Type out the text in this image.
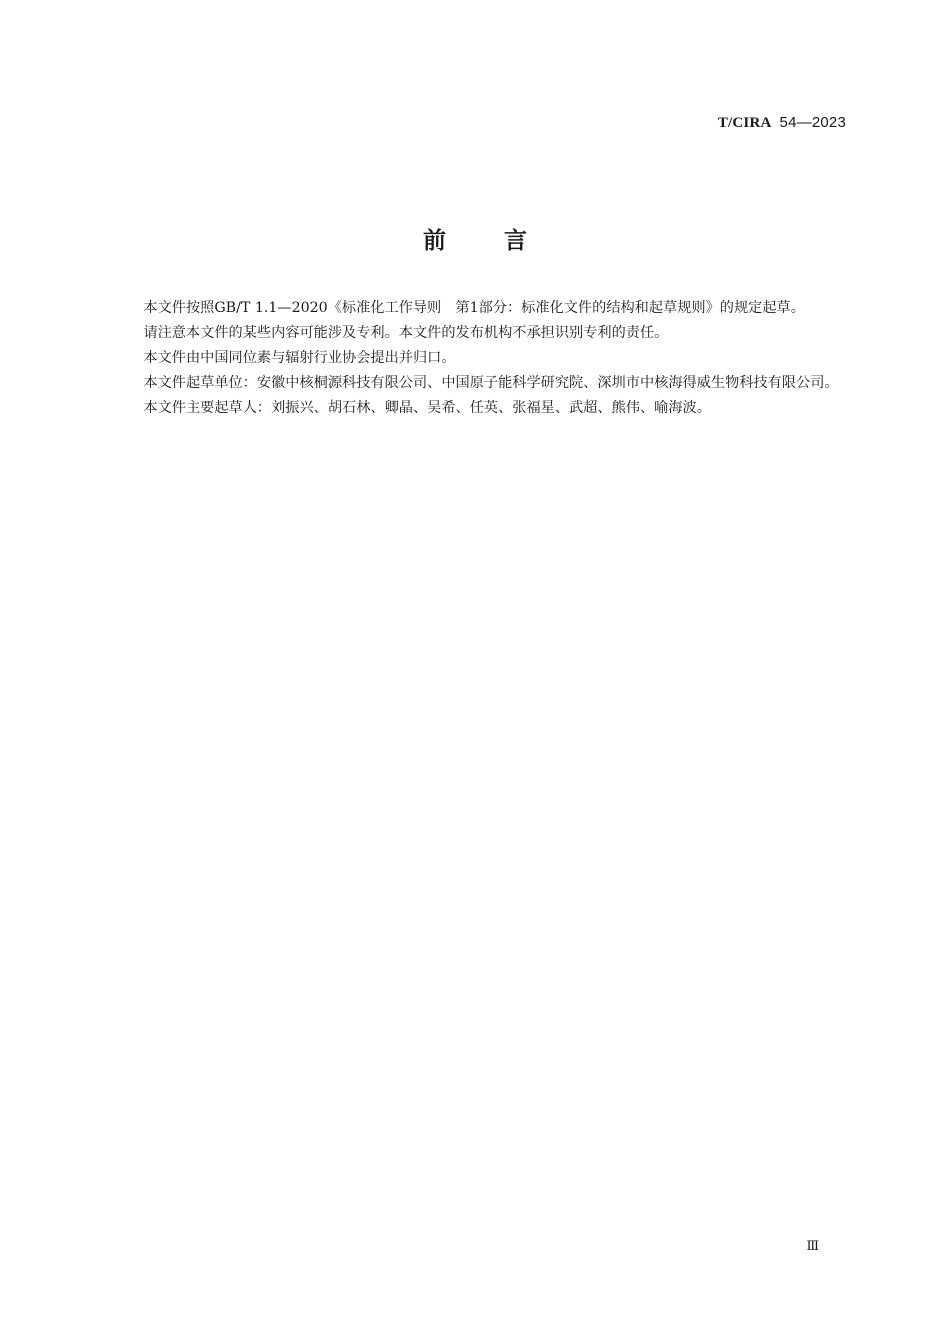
T/CIRA 54—2023
前言

本文件按照GB/T 1.1—2020《标准化工作导则　第1部分：标准化文件的结构和起草规则》的规定起草。

请注意本文件的某些内容可能涉及专利。本文件的发布机构不承担识别专利的责任。

本文件由中国同位素与辐射行业协会提出并归口。

本文件起草单位：安徽中核桐源科技有限公司、中国原子能科学研究院、深圳市中核海得威生物科技有限公司。

本文件主要起草人：刘振兴、胡石林、卿晶、吴希、任英、张福星、武超、熊伟、喻海波。

Ⅲ
